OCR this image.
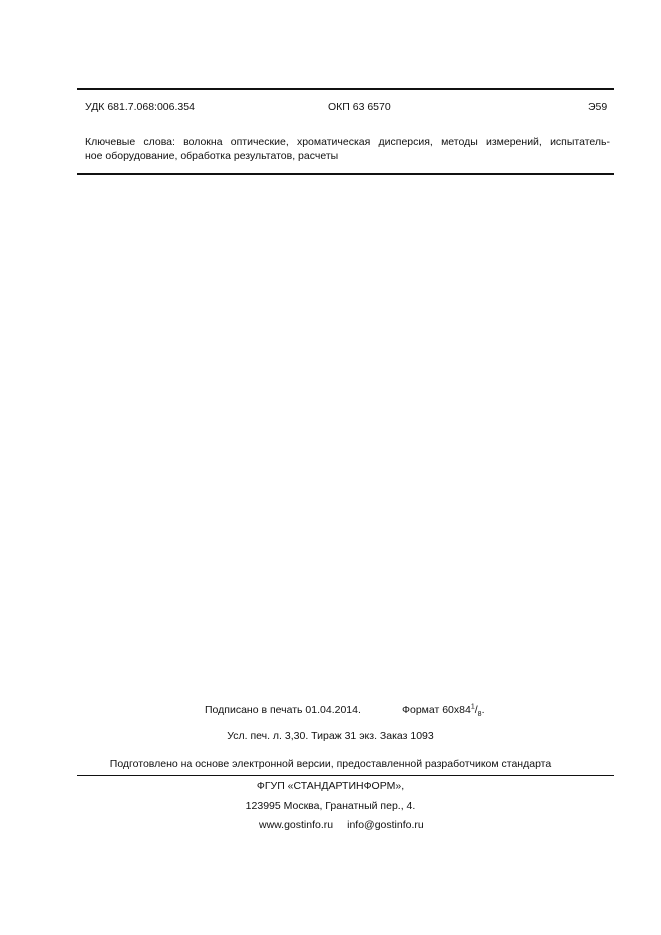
УДК 681.7.068:006.354	ОКП 63 6570	Э59
Ключевые слова: волокна оптические, хроматическая дисперсия, методы измерений, испытатель-
ное оборудование, обработка результатов, расчеты
Подписано в печать 01.04.2014.	Формат $60х84^1/_8$.
Усл. печ. л. 3,30. Тираж 31 экз. Заказ 1093
Подготовлено на основе электронной версии, предоставленной разработчиком стандарта
ФГУП «СТАНДАРТИНФОРМ»,
123995 Москва, Гранатный пер., 4.
www.gostinfo.ru info@gostinfo.ru
